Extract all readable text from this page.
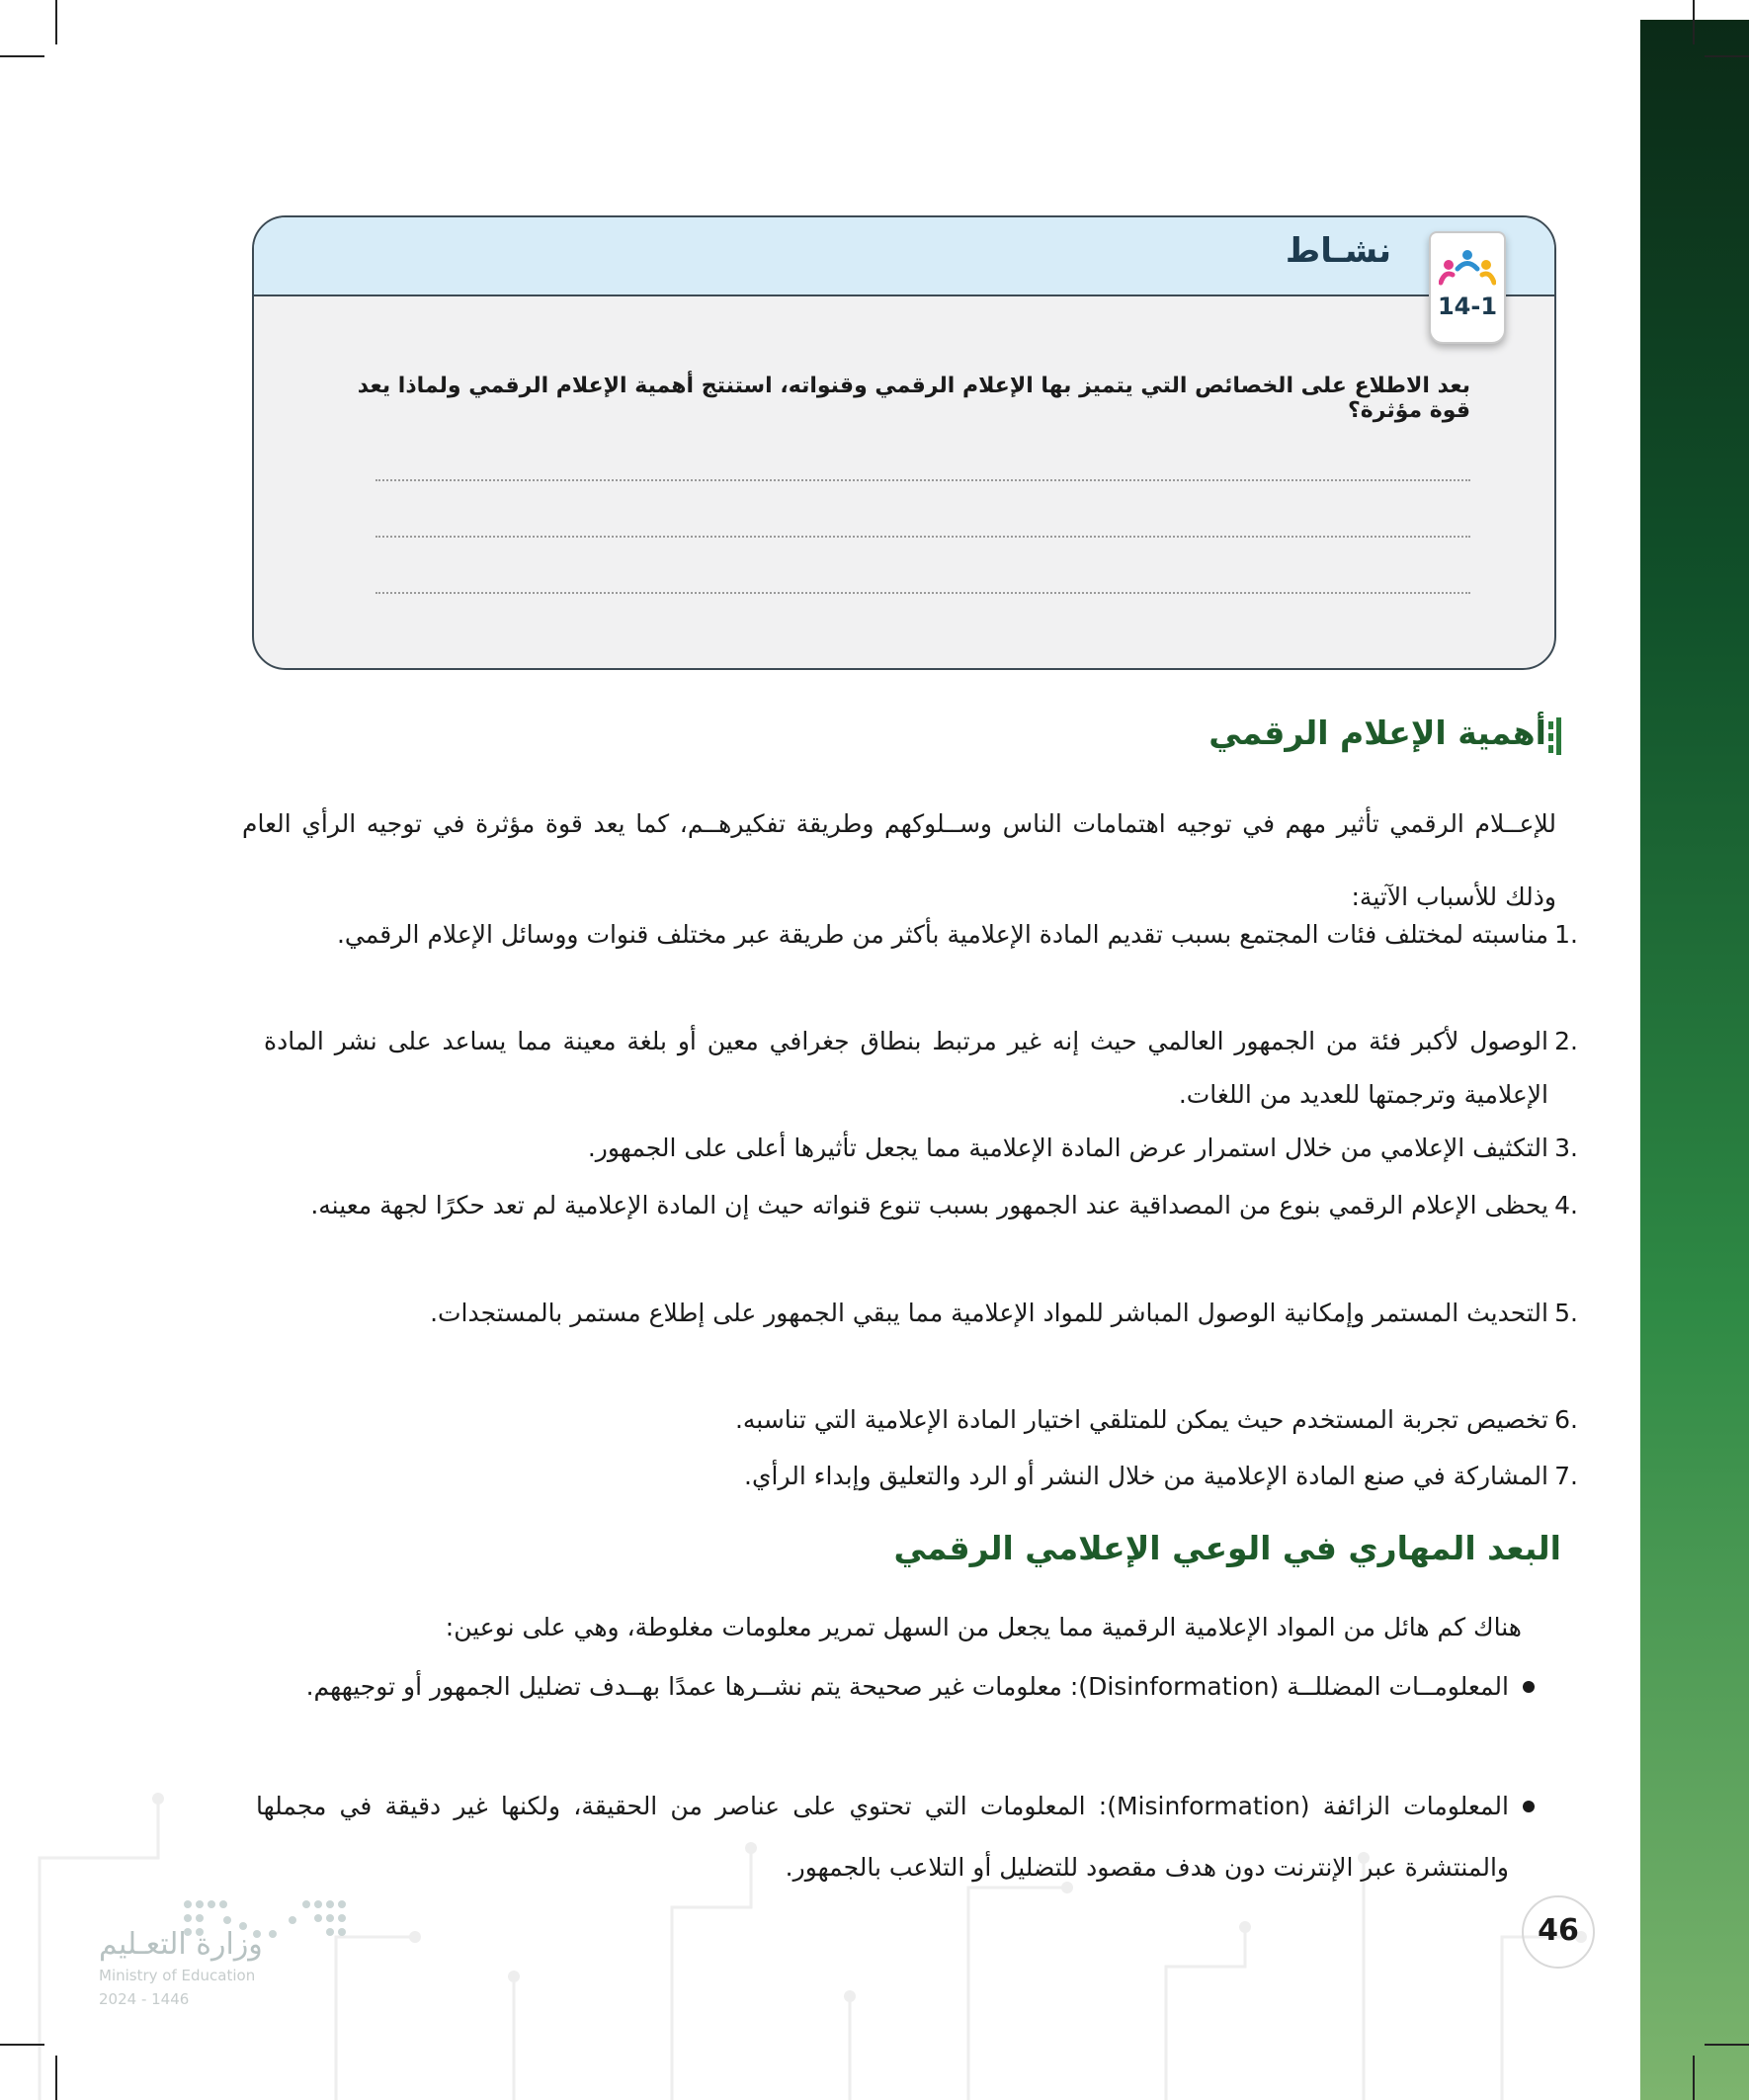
نشـاط
بعد الاطلاع على الخصائص التي يتميز بها الإعلام الرقمي وقنواته، استنتج أهمية الإعلام الرقمي ولماذا يعد قوة مؤثرة؟
14-1
أهمية الإعلام الرقمي
للإعــلام الرقمي تأثير مهم في توجيه اهتمامات الناس وســلوكهم وطريقة تفكيرهــم، كما يعد قوة مؤثرة في توجيه الرأي العام وذلك للأسباب الآتية:
1.
مناسبته لمختلف فئات المجتمع بسبب تقديم المادة الإعلامية بأكثر من طريقة عبر مختلف قنوات ووسائل الإعلام الرقمي.
2.
الوصول لأكبر فئة من الجمهور العالمي حيث إنه غير مرتبط بنطاق جغرافي معين أو بلغة معينة مما يساعد على نشر المادة الإعلامية وترجمتها للعديد من اللغات.
3.
التكثيف الإعلامي من خلال استمرار عرض المادة الإعلامية مما يجعل تأثيرها أعلى على الجمهور.
4.
يحظى الإعلام الرقمي بنوع من المصداقية عند الجمهور بسبب تنوع قنواته حيث إن المادة الإعلامية لم تعد حكرًا لجهة معينه.
5.
التحديث المستمر وإمكانية الوصول المباشر للمواد الإعلامية مما يبقي الجمهور على إطلاع مستمر بالمستجدات.
6.
تخصيص تجربة المستخدم حيث يمكن للمتلقي اختيار المادة الإعلامية التي تناسبه.
7.
المشاركة في صنع المادة الإعلامية من خلال النشر أو الرد والتعليق وإبداء الرأي.
البعد المهاري في الوعي الإعلامي الرقمي
هناك كم هائل من المواد الإعلامية الرقمية مما يجعل من السهل تمرير معلومات مغلوطة، وهي على نوعين:
المعلومــات المضللــة (Disinformation): معلومات غير صحيحة يتم نشــرها عمدًا بهــدف تضليل الجمهور أو توجيههم.
المعلومات الزائفة (Misinformation): المعلومات التي تحتوي على عناصر من الحقيقة، ولكنها غير دقيقة في مجملها والمنتشرة عبر الإنترنت دون هدف مقصود للتضليل أو التلاعب بالجمهور.
46
وزارة التعـليم
Ministry of Education
2024 - 1446
